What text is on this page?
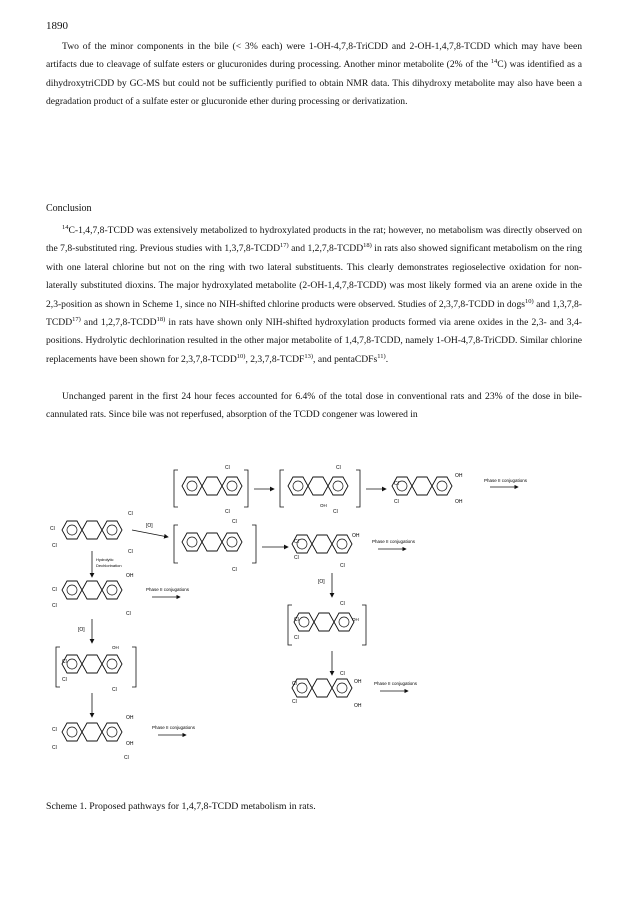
1890

Two of the minor components in the bile (< 3% each) were 1-OH-4,7,8-TriCDD and 2-OH-1,4,7,8-TCDD which may have been artifacts due to cleavage of sulfate esters or glucuronides during processing. Another minor metabolite (2% of the $^{14}$C) was identified as a dihydroxytriCDD by GC-MS but could not be sufficiently purified to obtain NMR data. This dihydroxy metabolite may also have been a degradation product of a sulfate ester or glucuronide ether during processing or derivatization.

Conclusion

$^{14}$C-1,4,7,8-TCDD was extensively metabolized to hydroxylated products in the rat; however, no metabolism was directly observed on the 7,8-substituted ring. Previous studies with 1,3,7,8-TCDD$^{17)}$ and 1,2,7,8-TCDD$^{18)}$ in rats also showed significant metabolism on the ring with one lateral chlorine but not on the ring with two lateral substituents. This clearly demonstrates regioselective oxidation for non-laterally substituted dioxins. The major hydroxylated metabolite (2-OH-1,4,7,8-TCDD) was most likely formed via an arene oxide in the 2,3-position as shown in Scheme 1, since no NIH-shifted chlorine products were observed. Studies of 2,3,7,8-TCDD in dogs$^{10)}$ and 1,3,7,8-TCDD$^{17)}$ and 1,2,7,8-TCDD$^{18)}$ in rats have shown only NIH-shifted hydroxylation products formed via arene oxides in the 2,3- and 3,4-positions. Hydrolytic dechlorination resulted in the other major metabolite of 1,4,7,8-TCDD, namely 1-OH-4,7,8-TriCDD. Similar chlorine replacements have been shown for 2,3,7,8-TCDD$^{10)}$, 2,3,7,8-TCDF$^{13)}$, and pentaCDFs$^{11)}$.

Unchanged parent in the first 24 hour feces accounted for 6.4% of the total dose in conventional rats and 23% of the dose in bile-cannulated rats. Since bile was not reperfused, absorption of the TCDD congener was lowered in

Cl
Cl
Cl
Cl
[O]
Cl
Cl
Cl
OH
Cl
Cl
Cl
OH
OH
Phase II conjugations
Cl
Cl
Cl
Cl
OH
Cl
Phase II conjugations
[O]
Cl
Cl
Cl
OH
Cl
Cl
Cl
OH
OH
Phase II conjugations
Hydrolytic
Dechlorination
Cl
Cl
OH
Cl
Phase II conjugations
[O]
Cl
Cl
OH
Cl
Cl
Cl
OH
OH
Cl
Phase II conjugations

Scheme 1. Proposed pathways for 1,4,7,8-TCDD metabolism in rats.
